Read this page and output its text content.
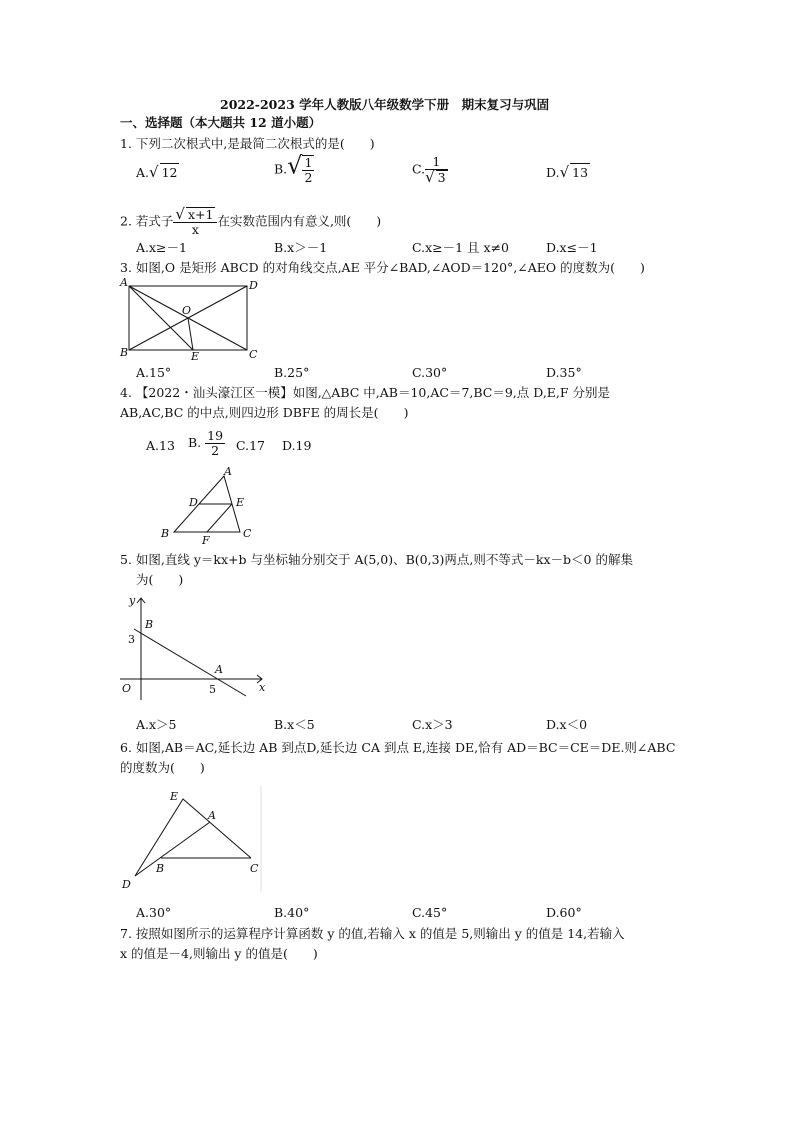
2022-2023 学年人教版八年级数学下册　期末复习与巩固
一、选择题（本大题共 12 道小题）
1. 下列二次根式中,是最简二次根式的是(　　)
A.√ 12	$B.√ \frac{1}{2}$	C. $\frac{1}{√ 3}$	D.√ 13
2. 若式子 $\frac{√ x+1}{x}$ 在实数范围内有意义,则(　　)
A.x≥－1	B.x＞－1	C.x≥－1 且 x≠0	D.x≤－1
3. 如图,O 是矩形 ABCD 的对角线交点,AE 平分∠BAD,∠AOD＝120°,∠AEO 的度数为(　　)
A
B	C
D
O
E
A.15°	B.25°	C.30°	D.35°
4. 【2022・汕头濠江区一模】如图,△ABC 中,AB＝10,AC＝7,BC＝9,点 D,E,F 分别是
AB,AC,BC 的中点,则四边形 DBFE 的周长是(　　)
A.13 B. $\frac{19}{2} C.17$ D.19
A
B	C
D	E
F
5. 如图,直线 y＝kx+b 与坐标轴分别交于 A(5,0)、B(0,3)两点,则不等式－kx－b＜0 的解集
为(　　)
y
x
O
B
A
3
5
A.x＞5	B.x＜5	C.x＞3	D.x＜0
6. 如图,AB＝AC,延长边 AB 到点D,延长边 CA 到点 E,连接 DE,恰有 AD＝BC＝CE＝DE.则∠ABC
的度数为(　　)
E
A
B	C
D
A.30°	B.40°	C.45°	D.60°
7. 按照如图所示的运算程序计算函数 y 的值,若输入 x 的值是 5,则输出 y 的值是 14,若输入
x 的值是－4,则输出 y 的值是(　　)
